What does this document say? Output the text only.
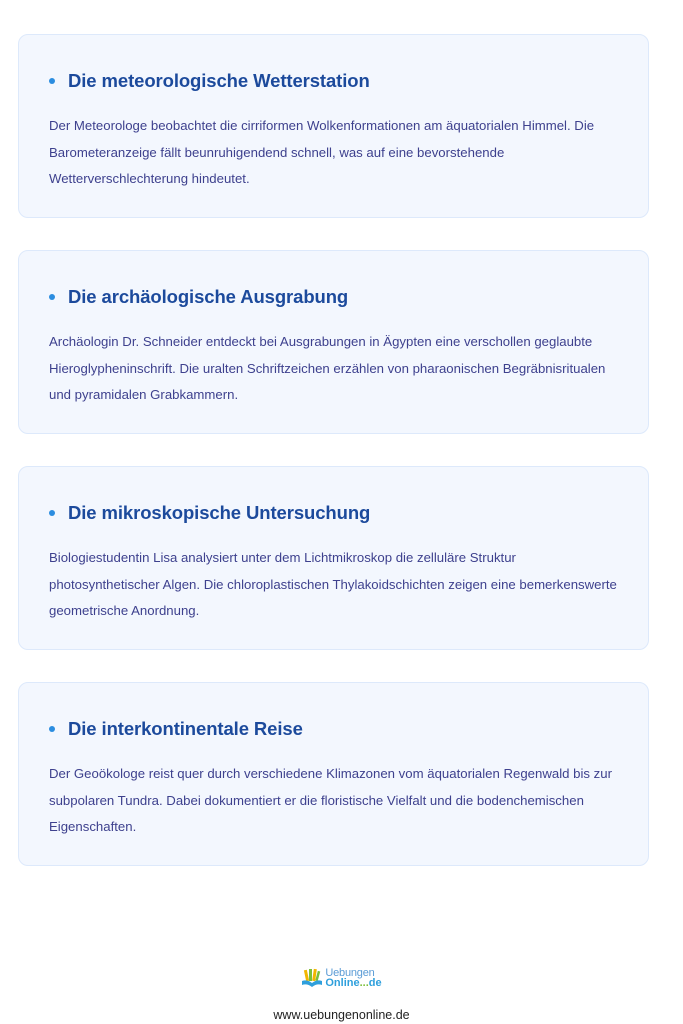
Die meteorologische Wetterstation

Der Meteorologe beobachtet die cirriformen Wolkenformationen am äquatorialen Himmel. Die Barometeranzeige fällt beunruhigendend schnell, was auf eine bevorstehende Wetterverschlechterung hindeutet.

Die archäologische Ausgrabung

Archäologin Dr. Schneider entdeckt bei Ausgrabungen in Ägypten eine verschollen geglaubte Hieroglypheninschrift. Die uralten Schriftzeichen erzählen von pharaonischen Begräbnisritualen und pyramidalen Grabkammern.

Die mikroskopische Untersuchung

Biologiestudentin Lisa analysiert unter dem Lichtmikroskop die zelluläre Struktur photosynthetischer Algen. Die chloroplastischen Thylakoidschichten zeigen eine bemerkenswerte geometrische Anordnung.

Die interkontinentale Reise

Der Geoökologe reist quer durch verschiedene Klimazonen vom äquatorialen Regenwald bis zur subpolaren Tundra. Dabei dokumentiert er die floristische Vielfalt und die bodenchemischen Eigenschaften.

Uebungen
Online...de
www.uebungenonline.de
